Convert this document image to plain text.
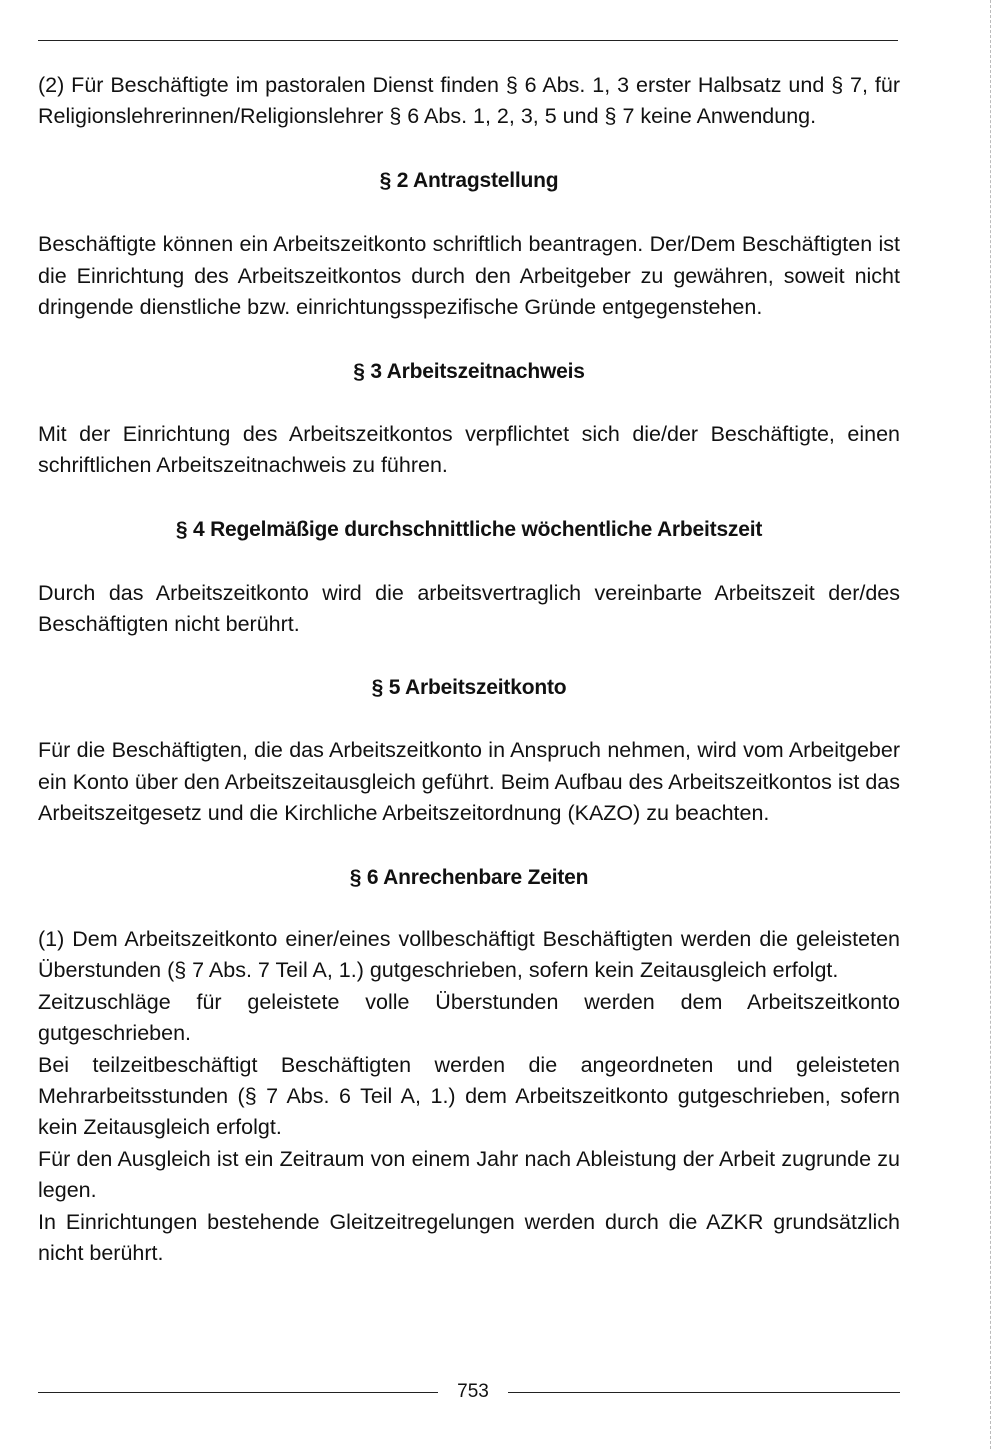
(2) Für Beschäftigte im pastoralen Dienst finden § 6 Abs. 1, 3 erster Halbsatz und § 7, für Religionslehrerinnen/Religionslehrer § 6 Abs. 1, 2, 3, 5 und § 7 keine Anwendung.

§ 2 Antragstellung

Beschäftigte können ein Arbeitszeitkonto schriftlich beantragen. Der/Dem Beschäftigten ist die Einrichtung des Arbeitszeitkontos durch den Arbeitgeber zu gewähren, soweit nicht dringende dienstliche bzw. einrichtungsspezifische Gründe entgegenstehen.

§ 3 Arbeitszeitnachweis

Mit der Einrichtung des Arbeitszeitkontos verpflichtet sich die/der Beschäftigte, einen schriftlichen Arbeitszeitnachweis zu führen.

§ 4 Regelmäßige durchschnittliche wöchentliche Arbeitszeit

Durch das Arbeitszeitkonto wird die arbeitsvertraglich vereinbarte Arbeitszeit der/des Beschäftigten nicht berührt.

§ 5 Arbeitszeitkonto

Für die Beschäftigten, die das Arbeitszeitkonto in Anspruch nehmen, wird vom Arbeitgeber ein Konto über den Arbeitszeitausgleich geführt. Beim Aufbau des Arbeitszeitkontos ist das Arbeitszeitgesetz und die Kirchliche Arbeitszeitordnung (KAZO) zu beachten.

§ 6 Anrechenbare Zeiten

(1) Dem Arbeitszeitkonto einer/eines vollbeschäftigt Beschäftigten werden die geleisteten Überstunden (§ 7 Abs. 7 Teil A, 1.) gutgeschrieben, sofern kein Zeitausgleich erfolgt.

Zeitzuschläge für geleistete volle Überstunden werden dem Arbeitszeitkonto gutgeschrieben.

Bei teilzeitbeschäftigt Beschäftigten werden die angeordneten und geleisteten Mehrarbeitsstunden (§ 7 Abs. 6 Teil A, 1.) dem Arbeitszeitkonto gutgeschrieben, sofern kein Zeitausgleich erfolgt.

Für den Ausgleich ist ein Zeitraum von einem Jahr nach Ableistung der Arbeit zugrunde zu legen.

In Einrichtungen bestehende Gleitzeitregelungen werden durch die AZKR grundsätzlich nicht berührt.

753
